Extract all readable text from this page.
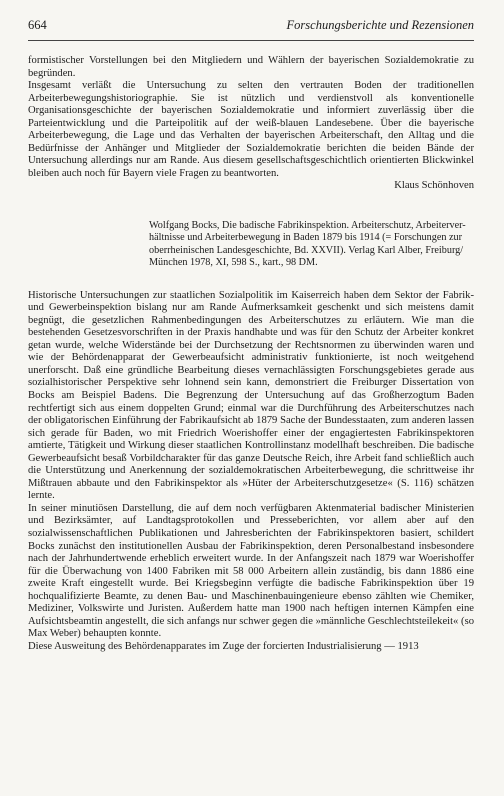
664	Forschungsberichte und Rezensionen

formistischer Vorstellungen bei den Mitgliedern und Wählern der bayerischen Sozialdemokratie zu begründen.

Insgesamt verläßt die Untersuchung zu selten den vertrauten Boden der traditionellen Arbeiterbewegungshistoriographie. Sie ist nützlich und verdienstvoll als konventionelle Organisationsgeschichte der bayerischen Sozialdemokratie und informiert zuverlässig über die Parteientwicklung und die Parteipolitik auf der weiß-blauen Landesebene. Über die bayerische Arbeiterbewegung, die Lage und das Verhalten der bayerischen Arbeiterschaft, den Alltag und die Bedürfnisse der Anhänger und Mitglieder der Sozialdemokratie berichten die beiden Bände der Untersuchung allerdings nur am Rande. Aus diesem gesellschaftsgeschichtlich orientierten Blickwinkel bleiben auch noch für Bayern viele Fragen zu beantworten.

Klaus Schönhoven
Wolfgang Bocks, Die badische Fabrikinspektion. Arbeiterschutz, Arbeiterver-
hältnisse und Arbeiterbewegung in Baden 1879 bis 1914 (= Forschungen zur
oberrheinischen Landesgeschichte, Bd. XXVII). Verlag Karl Alber, Freiburg/
München 1978, XI, 598 S., kart., 98 DM.

Historische Untersuchungen zur staatlichen Sozialpolitik im Kaiserreich haben dem Sektor der Fabrik- und Gewerbeinspektion bislang nur am Rande Aufmerksamkeit geschenkt und sich meistens damit begnügt, die gesetzlichen Rahmenbedingungen des Arbeiterschutzes zu erläutern. Wie man die bestehenden Gesetzesvorschriften in der Praxis handhabte und was für den Schutz der Arbeiter konkret getan wurde, welche Widerstände bei der Durchsetzung der Rechtsnormen zu überwinden waren und wie der Behördenapparat der Gewerbeaufsicht administrativ funktionierte, ist noch weitgehend unerforscht. Daß eine gründliche Bearbeitung dieses vernachlässigten Forschungsgebietes gerade aus sozialhistorischer Perspektive sehr lohnend sein kann, demonstriert die Freiburger Dissertation von Bocks am Beispiel Badens. Die Begrenzung der Untersuchung auf das Großherzogtum Baden rechtfertigt sich aus einem doppelten Grund; einmal war die Durchführung des Arbeiterschutzes nach der obligatorischen Einführung der Fabrikaufsicht ab 1879 Sache der Bundesstaaten, zum anderen lassen sich gerade für Baden, wo mit Friedrich Woerishoffer einer der engagiertesten Fabrikinspektoren amtierte, Tätigkeit und Wirkung dieser staatlichen Kontrollinstanz modellhaft beschreiben. Die badische Gewerbeaufsicht besaß Vorbildcharakter für das ganze Deutsche Reich, ihre Arbeit fand schließlich auch die Unterstützung und Anerkennung der sozialdemokratischen Arbeiterbewegung, die schrittweise ihr Mißtrauen abbaute und den Fabrikinspektor als »Hüter der Arbeiterschutzgesetze« (S. 116) schätzen lernte.

In seiner minutiösen Darstellung, die auf dem noch verfügbaren Aktenmaterial badischer Ministerien und Bezirksämter, auf Landtagsprotokollen und Presseberichten, vor allem aber auf den sozialwissenschaftlichen Publikationen und Jahresberichten der Fabrikinspektoren basiert, schildert Bocks zunächst den institutionellen Ausbau der Fabrikinspektion, deren Personalbestand insbesondere nach der Jahrhundertwende erheblich erweitert wurde. In der Anfangszeit nach 1879 war Woerishoffer für die Überwachung von 1400 Fabriken mit 58 000 Arbeitern allein zuständig, bis dann 1886 eine zweite Kraft eingestellt wurde. Bei Kriegsbeginn verfügte die badische Fabrikinspektion über 19 hochqualifizierte Beamte, zu denen Bau- und Maschinenbauingenieure ebenso zählten wie Chemiker, Mediziner, Volkswirte und Juristen. Außerdem hatte man 1900 nach heftigen internen Kämpfen eine Aufsichtsbeamtin angestellt, die sich anfangs nur schwer gegen die »männliche Geschlechtsteilekeit« (so Max Weber) behaupten konnte.

Diese Ausweitung des Behördenapparates im Zuge der forcierten Industrialisierung — 1913
